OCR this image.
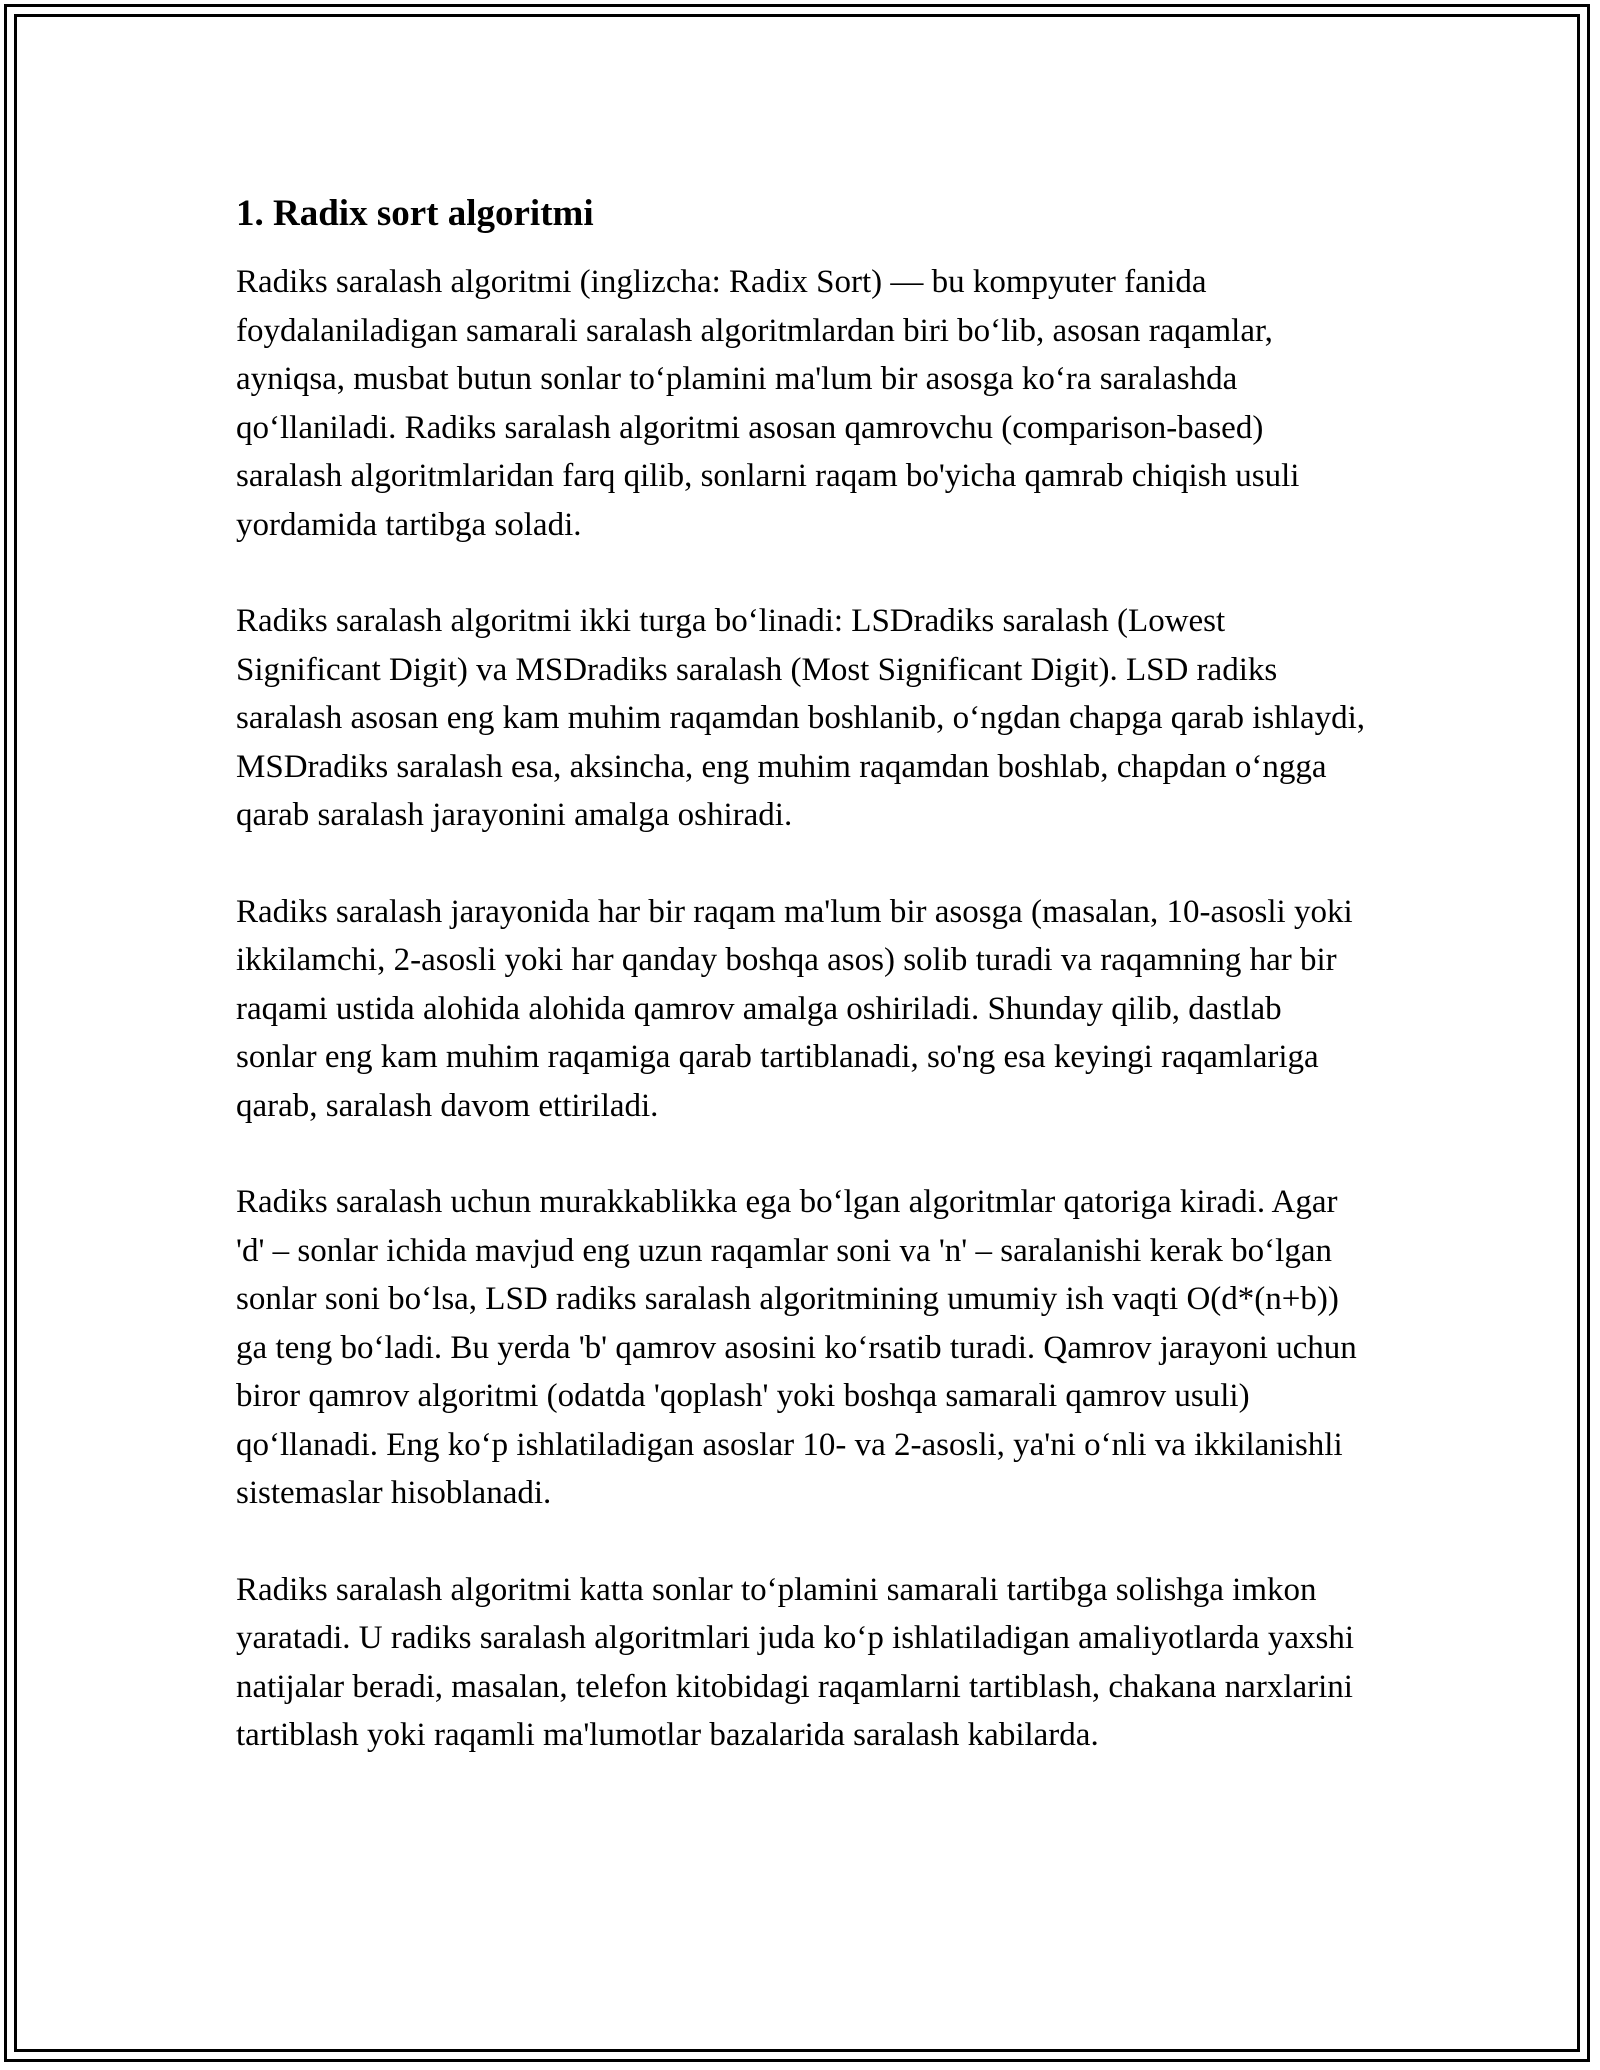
1. Radix sort algoritmi

Radiks saralash algoritmi (inglizcha: Radix Sort) — bu kompyuter fanida foydalaniladigan samarali saralash algoritmlardan biri bo‘lib, asosan raqamlar, ayniqsa, musbat butun sonlar to‘plamini ma'lum bir asosga ko‘ra saralashda qo‘llaniladi. Radiks saralash algoritmi asosan qamrovchu (comparison-based) saralash algoritmlaridan farq qilib, sonlarni raqam bo'yicha qamrab chiqish usuli yordamida tartibga soladi.

Radiks saralash algoritmi ikki turga bo‘linadi: LSDradiks saralash (Lowest Significant Digit) va MSDradiks saralash (Most Significant Digit). LSD radiks saralash asosan eng kam muhim raqamdan boshlanib, o‘ngdan chapga qarab ishlaydi, MSDradiks saralash esa, aksincha, eng muhim raqamdan boshlab, chapdan o‘ngga qarab saralash jarayonini amalga oshiradi.

Radiks saralash jarayonida har bir raqam ma'lum bir asosga (masalan, 10-asosli yoki ikkilamchi, 2-asosli yoki har qanday boshqa asos) solib turadi va raqamning har bir raqami ustida alohida alohida qamrov amalga oshiriladi. Shunday qilib, dastlab sonlar eng kam muhim raqamiga qarab tartiblanadi, so'ng esa keyingi raqamlariga qarab, saralash davom ettiriladi.

Radiks saralash uchun murakkablikka ega bo‘lgan algoritmlar qatoriga kiradi. Agar 'd' – sonlar ichida mavjud eng uzun raqamlar soni va 'n' – saralanishi kerak bo‘lgan sonlar soni bo‘lsa, LSD radiks saralash algoritmining umumiy ish vaqti O(d*(n+b)) ga teng bo‘ladi. Bu yerda 'b' qamrov asosini ko‘rsatib turadi. Qamrov jarayoni uchun biror qamrov algoritmi (odatda 'qoplash' yoki boshqa samarali qamrov usuli) qo‘llanadi. Eng ko‘p ishlatiladigan asoslar 10- va 2-asosli, ya'ni o‘nli va ikkilanishli sistemaslar hisoblanadi.

Radiks saralash algoritmi katta sonlar to‘plamini samarali tartibga solishga imkon yaratadi. U radiks saralash algoritmlari juda ko‘p ishlatiladigan amaliyotlarda yaxshi natijalar beradi, masalan, telefon kitobidagi raqamlarni tartiblash, chakana narxlarini tartiblash yoki raqamli ma'lumotlar bazalarida saralash kabilarda.
